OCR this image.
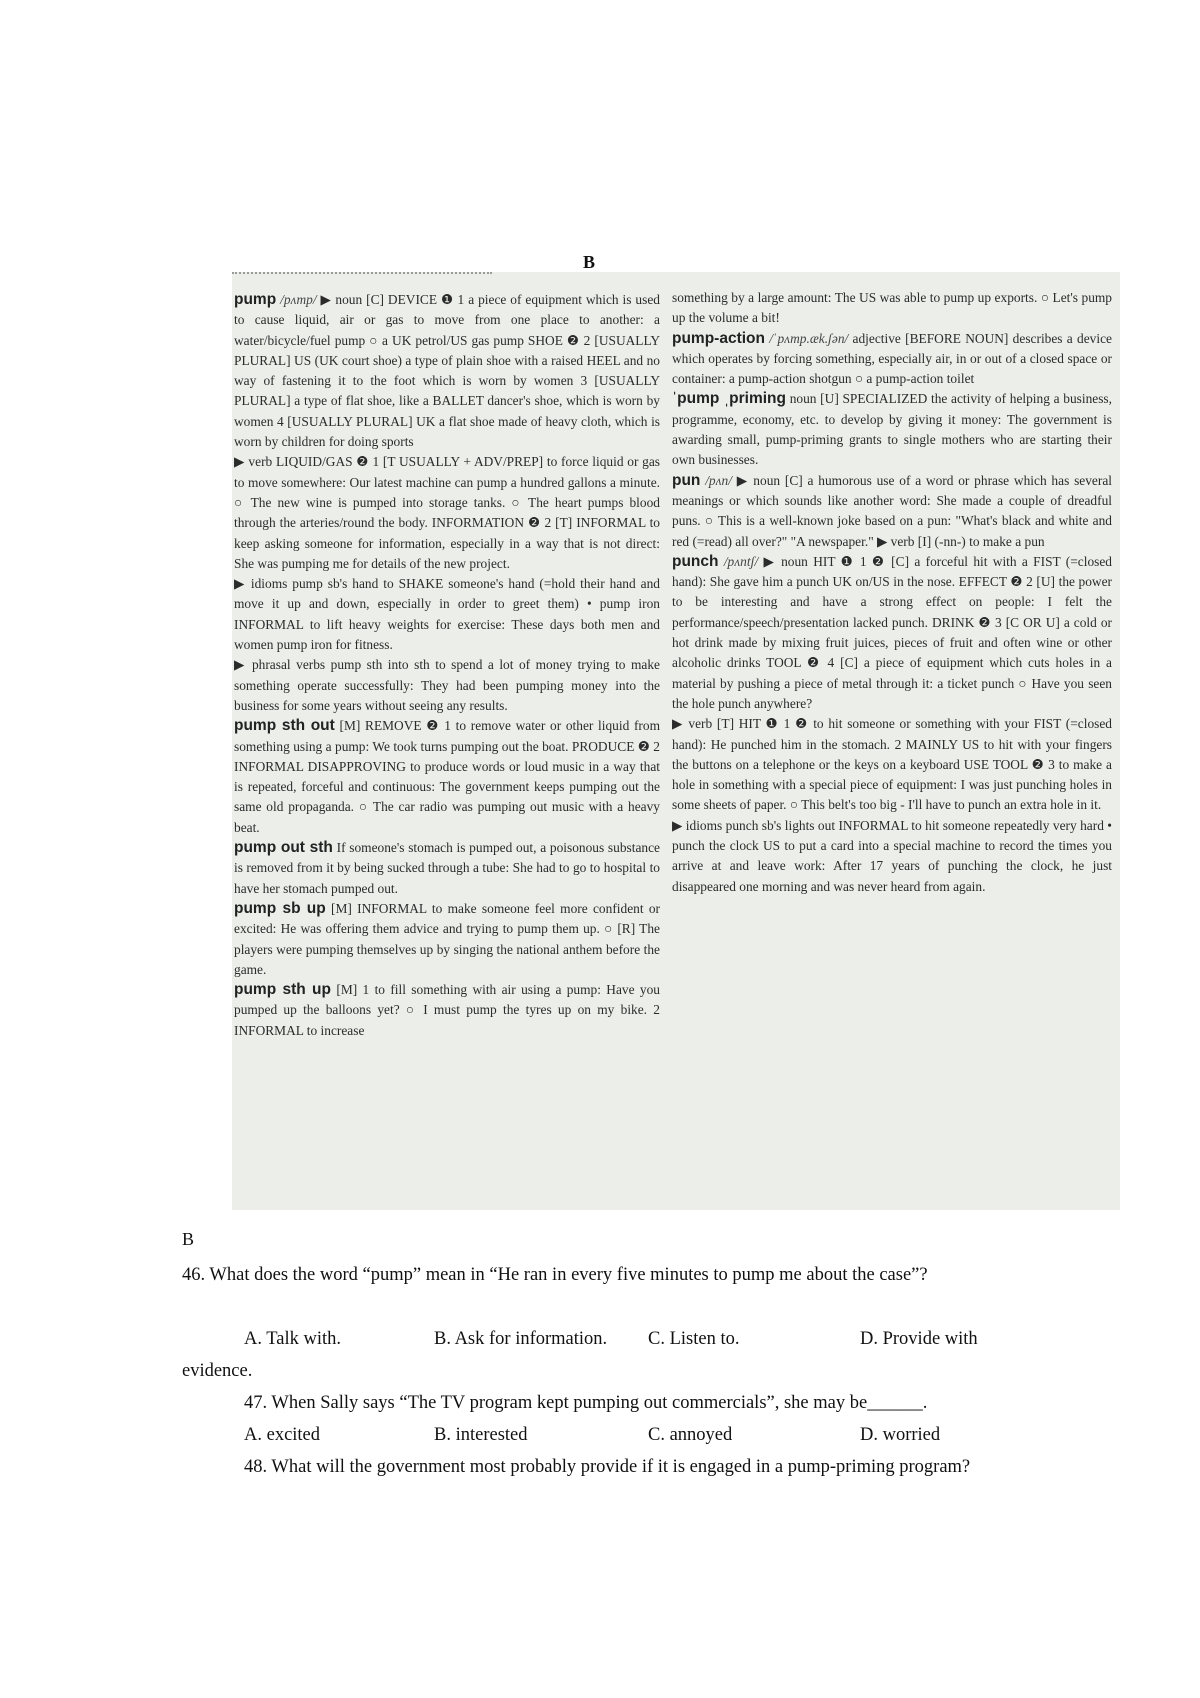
B

pump /pʌmp/ ▶ noun [C] DEVICE ❶ 1 a piece of equipment which is used to cause liquid, air or gas to move from one place to another: a water/bicycle/fuel pump ○ a UK petrol/US gas pump SHOE ❷ 2 [USUALLY PLURAL] US (UK court shoe) a type of plain shoe with a raised HEEL and no way of fastening it to the foot which is worn by women 3 [USUALLY PLURAL] a type of flat shoe, like a BALLET dancer's shoe, which is worn by women 4 [USUALLY PLURAL] UK a flat shoe made of heavy cloth, which is worn by children for doing sports

▶ verb LIQUID/GAS ❷ 1 [T USUALLY + ADV/PREP] to force liquid or gas to move somewhere: Our latest machine can pump a hundred gallons a minute. ○ The new wine is pumped into storage tanks. ○ The heart pumps blood through the arteries/round the body. INFORMATION ❷ 2 [T] INFORMAL to keep asking someone for information, especially in a way that is not direct: She was pumping me for details of the new project.

▶ idioms pump sb's hand to SHAKE someone's hand (=hold their hand and move it up and down, especially in order to greet them) • pump iron INFORMAL to lift heavy weights for exercise: These days both men and women pump iron for fitness.

▶ phrasal verbs pump sth into sth to spend a lot of money trying to make something operate successfully: They had been pumping money into the business for some years without seeing any results.

pump sth out [M] REMOVE ❷ 1 to remove water or other liquid from something using a pump: We took turns pumping out the boat. PRODUCE ❷ 2 INFORMAL DISAPPROVING to produce words or loud music in a way that is repeated, forceful and continuous: The government keeps pumping out the same old propaganda. ○ The car radio was pumping out music with a heavy beat.

pump out sth If someone's stomach is pumped out, a poisonous substance is removed from it by being sucked through a tube: She had to go to hospital to have her stomach pumped out.

pump sb up [M] INFORMAL to make someone feel more confident or excited: He was offering them advice and trying to pump them up. ○ [R] The players were pumping themselves up by singing the national anthem before the game.

pump sth up [M] 1 to fill something with air using a pump: Have you pumped up the balloons yet? ○ I must pump the tyres up on my bike. 2 INFORMAL to increase

something by a large amount: The US was able to pump up exports. ○ Let's pump up the volume a bit!

pump-action /ˈpʌmp.æk.ʃən/ adjective [BEFORE NOUN] describes a device which operates by forcing something, especially air, in or out of a closed space or container: a pump-action shotgun ○ a pump-action toilet

ˈpump ˌpriming noun [U] SPECIALIZED the activity of helping a business, programme, economy, etc. to develop by giving it money: The government is awarding small, pump-priming grants to single mothers who are starting their own businesses.

pun /pʌn/ ▶ noun [C] a humorous use of a word or phrase which has several meanings or which sounds like another word: She made a couple of dreadful puns. ○ This is a well-known joke based on a pun: "What's black and white and red (=read) all over?" "A newspaper." ▶ verb [I] (-nn-) to make a pun

punch /pʌntʃ/ ▶ noun HIT ❶ 1 ❷ [C] a forceful hit with a FIST (=closed hand): She gave him a punch UK on/US in the nose. EFFECT ❷ 2 [U] the power to be interesting and have a strong effect on people: I felt the performance/speech/presentation lacked punch. DRINK ❷ 3 [C OR U] a cold or hot drink made by mixing fruit juices, pieces of fruit and often wine or other alcoholic drinks TOOL ❷ 4 [C] a piece of equipment which cuts holes in a material by pushing a piece of metal through it: a ticket punch ○ Have you seen the hole punch anywhere?

▶ verb [T] HIT ❶ 1 ❷ to hit someone or something with your FIST (=closed hand): He punched him in the stomach. 2 MAINLY US to hit with your fingers the buttons on a telephone or the keys on a keyboard USE TOOL ❷ 3 to make a hole in something with a special piece of equipment: I was just punching holes in some sheets of paper. ○ This belt's too big - I'll have to punch an extra hole in it.

▶ idioms punch sb's lights out INFORMAL to hit someone repeatedly very hard • punch the clock US to put a card into a special machine to record the times you arrive at and leave work: After 17 years of punching the clock, he just disappeared one morning and was never heard from again.

B
46. What does the word “pump” mean in “He ran in every five minutes to pump me about the case”?
A. Talk with.	B. Ask for information. C. Listen to.	D. Provide with
evidence.
47. When Sally says “The TV program kept pumping out commercials”, she may be______.
A. excited	B. interested	C. annoyed	D. worried
48. What will the government most probably provide if it is engaged in a pump-priming program?
